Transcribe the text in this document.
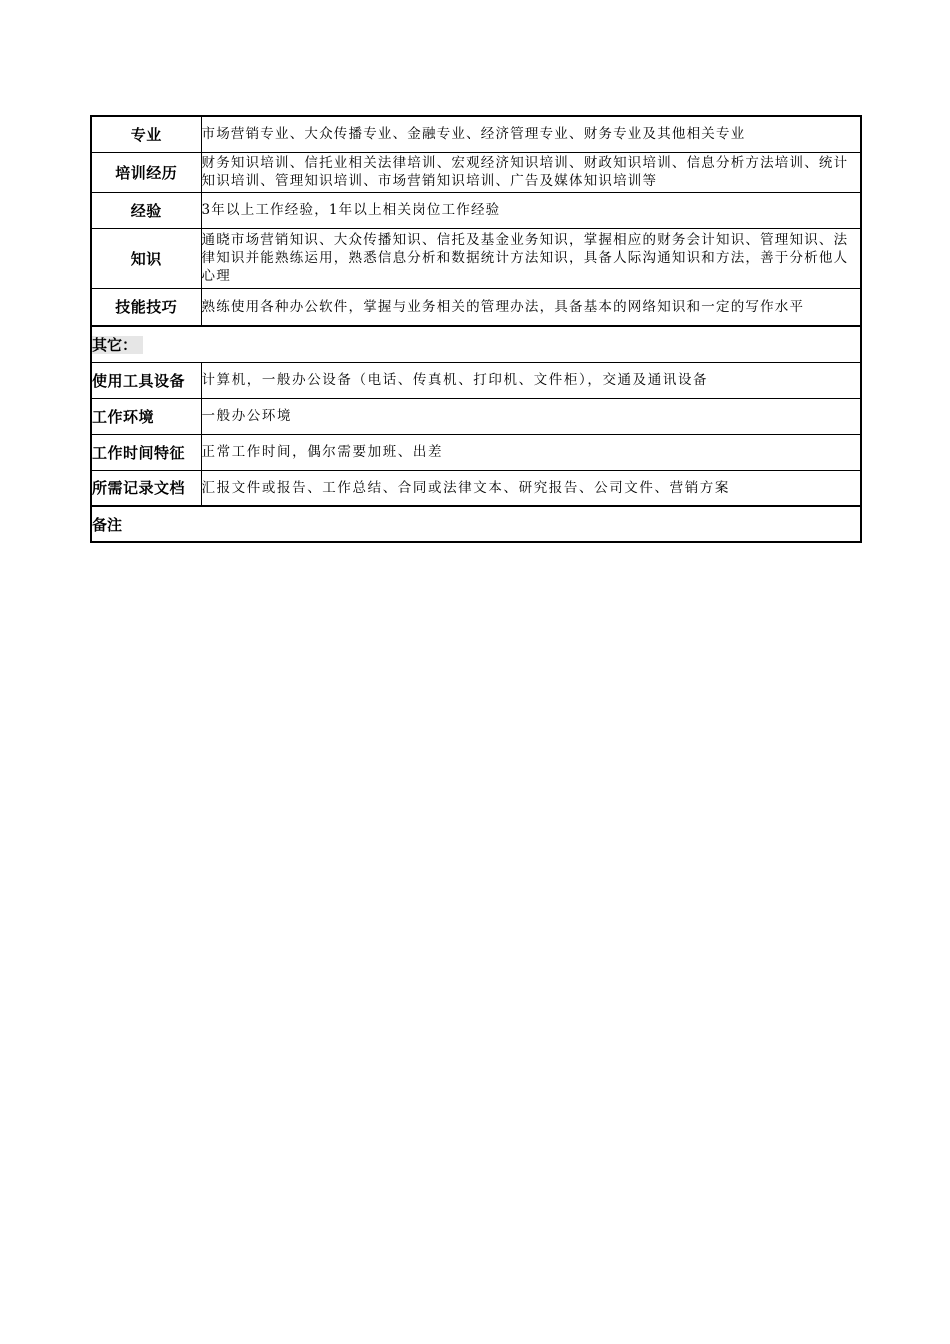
专业	市场营销专业、大众传播专业、金融专业、经济管理专业、财务专业及其他相关专业
培训经历	财务知识培训、信托业相关法律培训、宏观经济知识培训、财政知识培训、信息分析方法培训、统计知识培训、管理知识培训、市场营销知识培训、广告及媒体知识培训等
经验	3年以上工作经验，1年以上相关岗位工作经验
知识	通晓市场营销知识、大众传播知识、信托及基金业务知识，掌握相应的财务会计知识、管理知识、法律知识并能熟练运用，熟悉信息分析和数据统计方法知识，具备人际沟通知识和方法，善于分析他人心理
技能技巧	熟练使用各种办公软件，掌握与业务相关的管理办法，具备基本的网络知识和一定的写作水平
其它：	
使用工具设备	计算机，一般办公设备（电话、传真机、打印机、文件柜），交通及通讯设备
工作环境	一般办公环境
工作时间特征	正常工作时间，偶尔需要加班、出差
所需记录文档	汇报文件或报告、工作总结、合同或法律文本、研究报告、公司文件、营销方案
备注	
